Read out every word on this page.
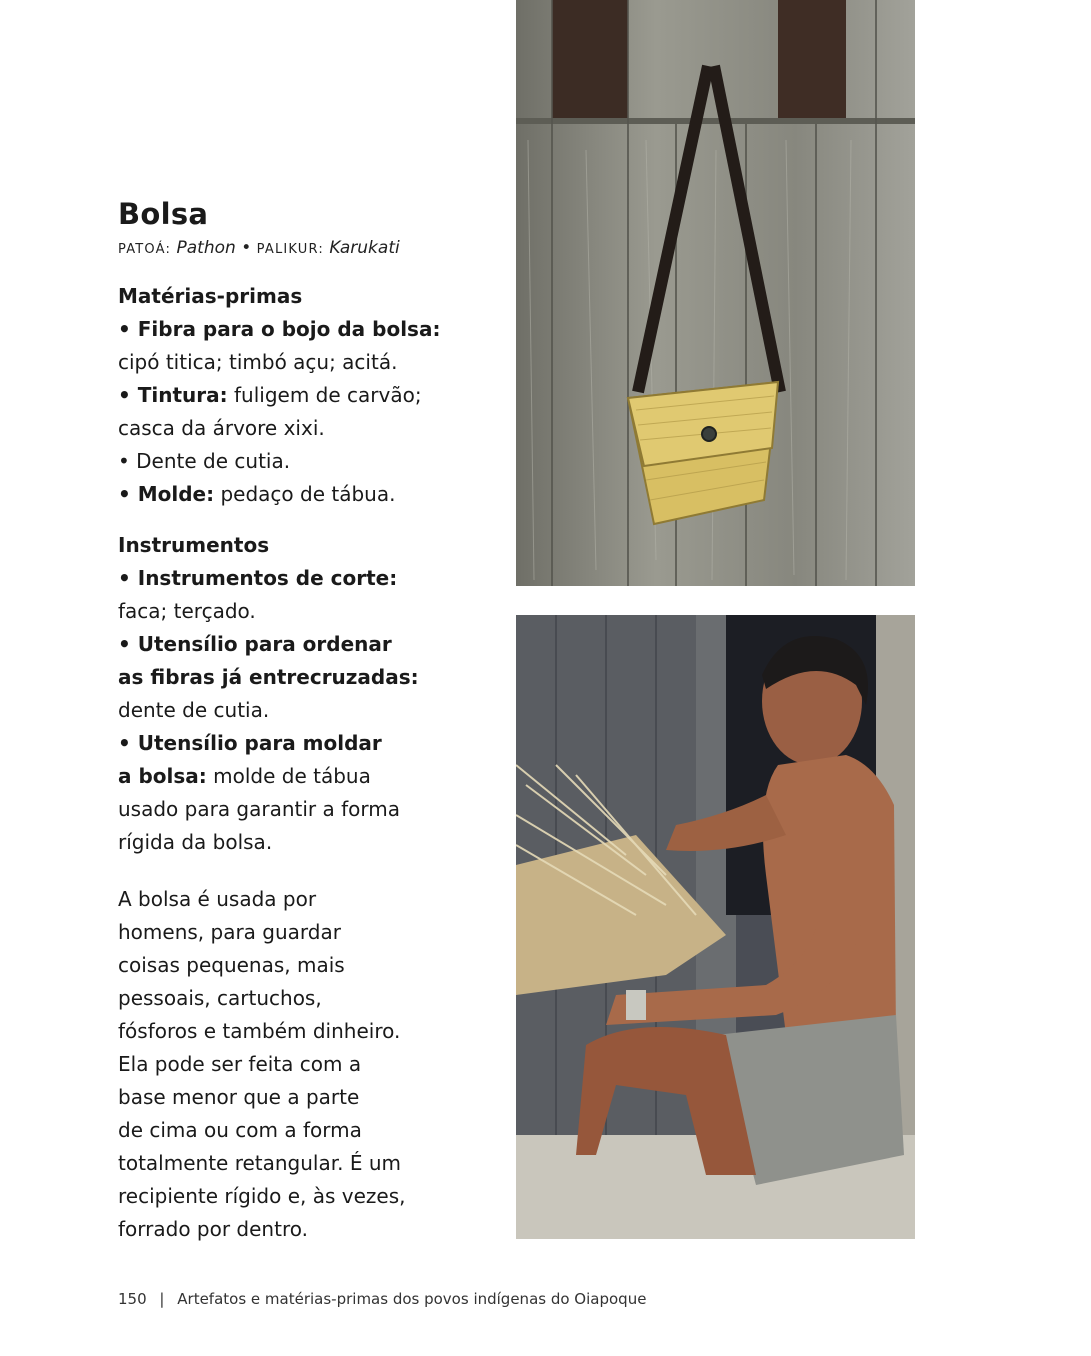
Bolsa
PATOÁ: Pathon • PALIKUR: Karukati

Matérias-primas

• Fibra para o bojo da bolsa:

cipó titica; timbó açu; acitá.

• Tintura: fuligem de carvão;

casca da árvore xixi.

• Dente de cutia.

• Molde: pedaço de tábua.

Instrumentos

• Instrumentos de corte:

faca; terçado.

• Utensílio para ordenar

as fibras já entrecruzadas:

dente de cutia.

• Utensílio para moldar

a bolsa: molde de tábua

usado para garantir a forma

rígida da bolsa.

A bolsa é usada por

homens, para guardar

coisas pequenas, mais

pessoais, cartuchos,

fósforos e também dinheiro.

Ela pode ser feita com a

base menor que a parte

de cima ou com a forma

totalmente retangular. É um

recipiente rígido e, às vezes,

forrado por dentro.

150 | Artefatos e matérias-primas dos povos indígenas do Oiapoque
